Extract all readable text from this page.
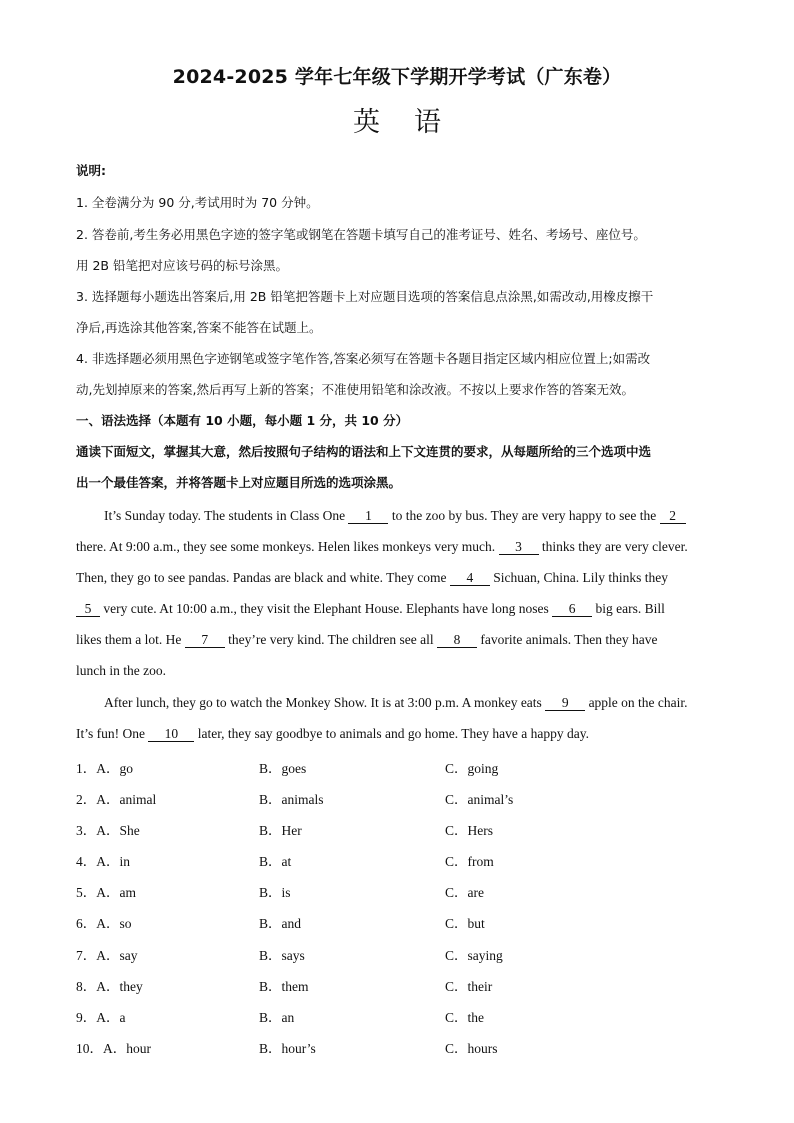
2024-2025 学年七年级下学期开学考试（广东卷）
英 语
说明:
1. 全卷满分为 90 分,考试用时为 70 分钟。
2. 答卷前,考生务必用黑色字迹的签字笔或钢笔在答题卡填写自己的准考证号、姓名、考场号、座位号。
用 2B 铅笔把对应该号码的标号涂黑。
3. 选择题每小题选出答案后,用 2B 铅笔把答题卡上对应题目选项的答案信息点涂黑,如需改动,用橡皮擦干
净后,再选涂其他答案,答案不能答在试题上。
4. 非选择题必须用黑色字迹钢笔或签字笔作答,答案必须写在答题卡各题目指定区域内相应位置上;如需改
动,先划掉原来的答案,然后再写上新的答案；不准使用铅笔和涂改液。不按以上要求作答的答案无效。
一、语法选择（本题有 10 小题，每小题 1 分，共 10 分）
通读下面短文，掌握其大意，然后按照句子结构的语法和上下文连贯的要求，从每题所给的三个选项中选
出一个最佳答案，并将答题卡上对应题目所选的选项涂黑。
It’s Sunday today. The students in Class One 1 to the zoo by bus. They are very happy to see the 2
there. At 9:00 a.m., they see some monkeys. Helen likes monkeys very much. 3 thinks they are very clever.
Then, they go to see pandas. Pandas are black and white. They come 4 Sichuan, China. Lily thinks they
5 very cute. At 10:00 a.m., they visit the Elephant House. Elephants have long noses 6 big ears. Bill
likes them a lot. He 7 they’re very kind. The children see all 8 favorite animals. Then they have
lunch in the zoo.
After lunch, they go to watch the Monkey Show. It is at 3:00 p.m. A monkey eats 9 apple on the chair.
It’s fun! One 10 later, they say goodbye to animals and go home. They have a happy day.
1．A．go	B．goes	C．going
2．A．animal	B．animals	C．animal’s
3．A．She	B．Her	C．Hers
4．A．in	B．at	C．from
5．A．am	B．is	C．are
6．A．so	B．and	C．but
7．A．say	B．says	C．saying
8．A．they	B．them	C．their
9．A．a	B．an	C．the
10．A．hour	B．hour’s	C．hours
